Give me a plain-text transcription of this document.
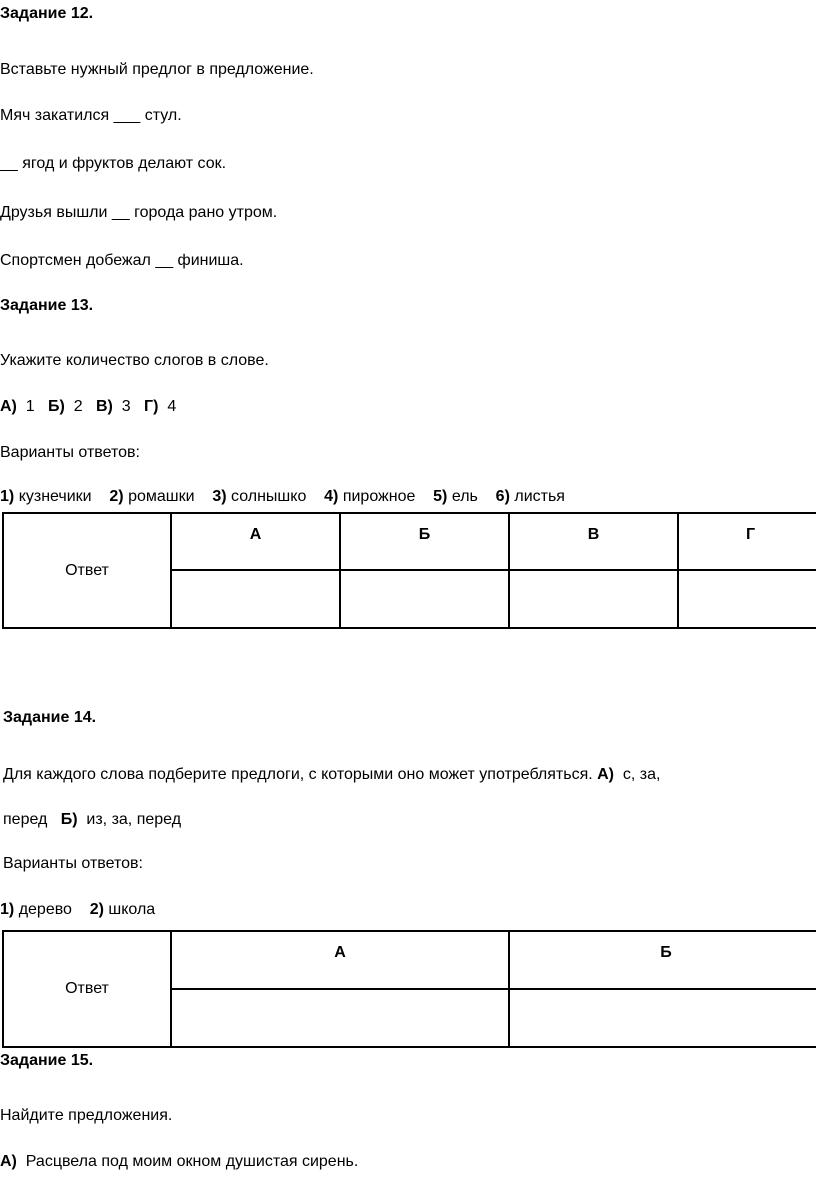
Задание 12.
Вставьте нужный предлог в предложение.
Мяч закатился ___ стул.
__ ягод и фруктов делают сок.
Друзья вышли __ города рано утром.
Спортсмен добежал __ финиша.
Задание 13.
Укажите количество слогов в слове.
А) 1 Б) 2 В) 3 Г) 4
Варианты ответов:
1) кузнечики 2) ромашки 3) солнышко 4) пирожное 5) ель 6) листья
Ответ	А	Б	В	Г

Задание 14.
Для каждого слова подберите предлоги, с которыми оно может употребляться. А) с, за,
перед Б) из, за, перед
Варианты ответов:
1) дерево 2) школа
Ответ	А	Б

Задание 15.
Найдите предложения.
А) Расцвела под моим окном душистая сирень.
